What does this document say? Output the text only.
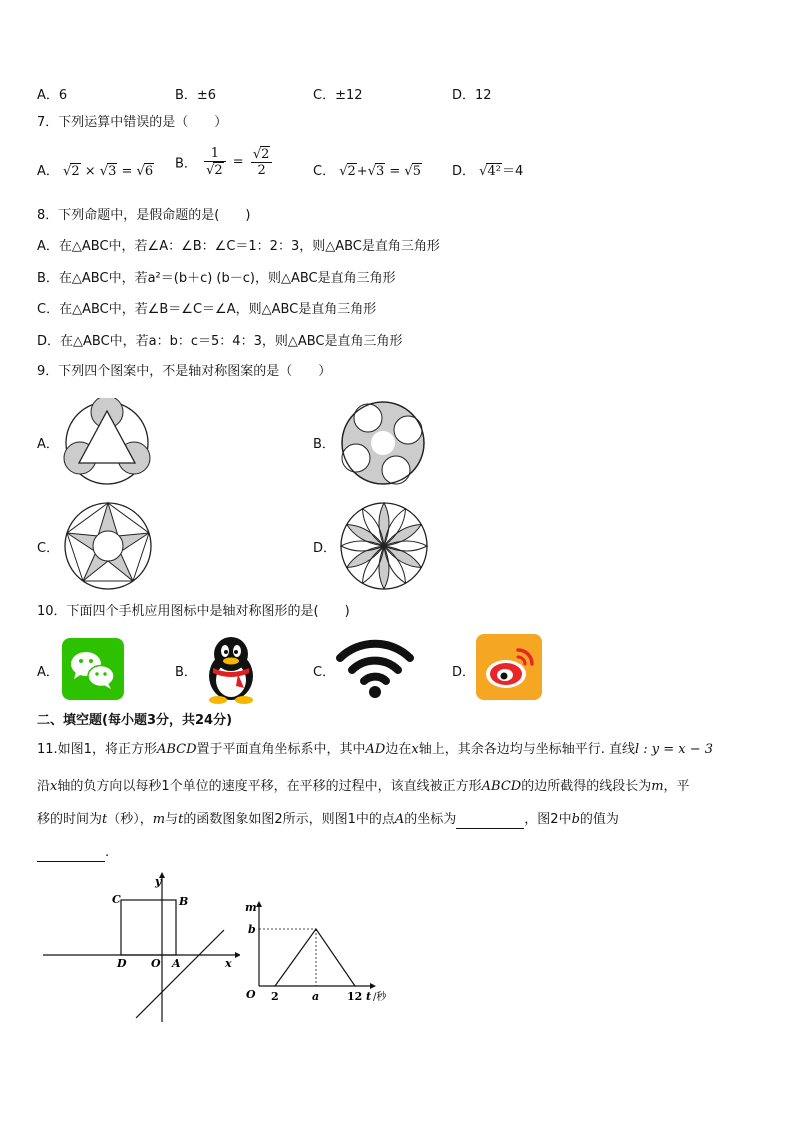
A．6	B．±6	C．±12	D．12
7．下列运算中错误的是（　　）
A． √2 × √3 = √6 B． $\frac{1}{√2} = \frac{√2}{2}$	C． √2+√3 = √5 D． √4²＝4
8．下列命题中，是假命题的是(　　)
A．在△ABC中，若∠A：∠B：∠C＝1：2：3，则△ABC是直角三角形
B．在△ABC中，若a²＝(b＋c) (b－c)，则△ABC是直角三角形
C．在△ABC中，若∠B＝∠C＝∠A，则△ABC是直角三角形
D．在△ABC中，若a：b：c＝5：4：3，则△ABC是直角三角形
9．下列四个图案中，不是轴对称图案的是（　　）
A．	B．
C．	D．
10．下面四个手机应用图标中是轴对称图形的是(　　)
A．	B．	C．	D．
二、填空题(每小题3分，共24分)
11.如图1，将正方形ABCD置于平面直角坐标系中，其中AD边在x轴上，其余各边均与坐标轴平行. 直线l : y = x − 3
沿x轴的负方向以每秒1个单位的速度平移，在平移的过程中，该直线被正方形ABCD的边所截得的线段长为m，平
移的时间为t（秒），m与t的函数图象如图2所示，则图1中的点A的坐标为	，图2中b的值为
.
C	B
D O A	x
y
m
b
O 2	a	12 t /秒
